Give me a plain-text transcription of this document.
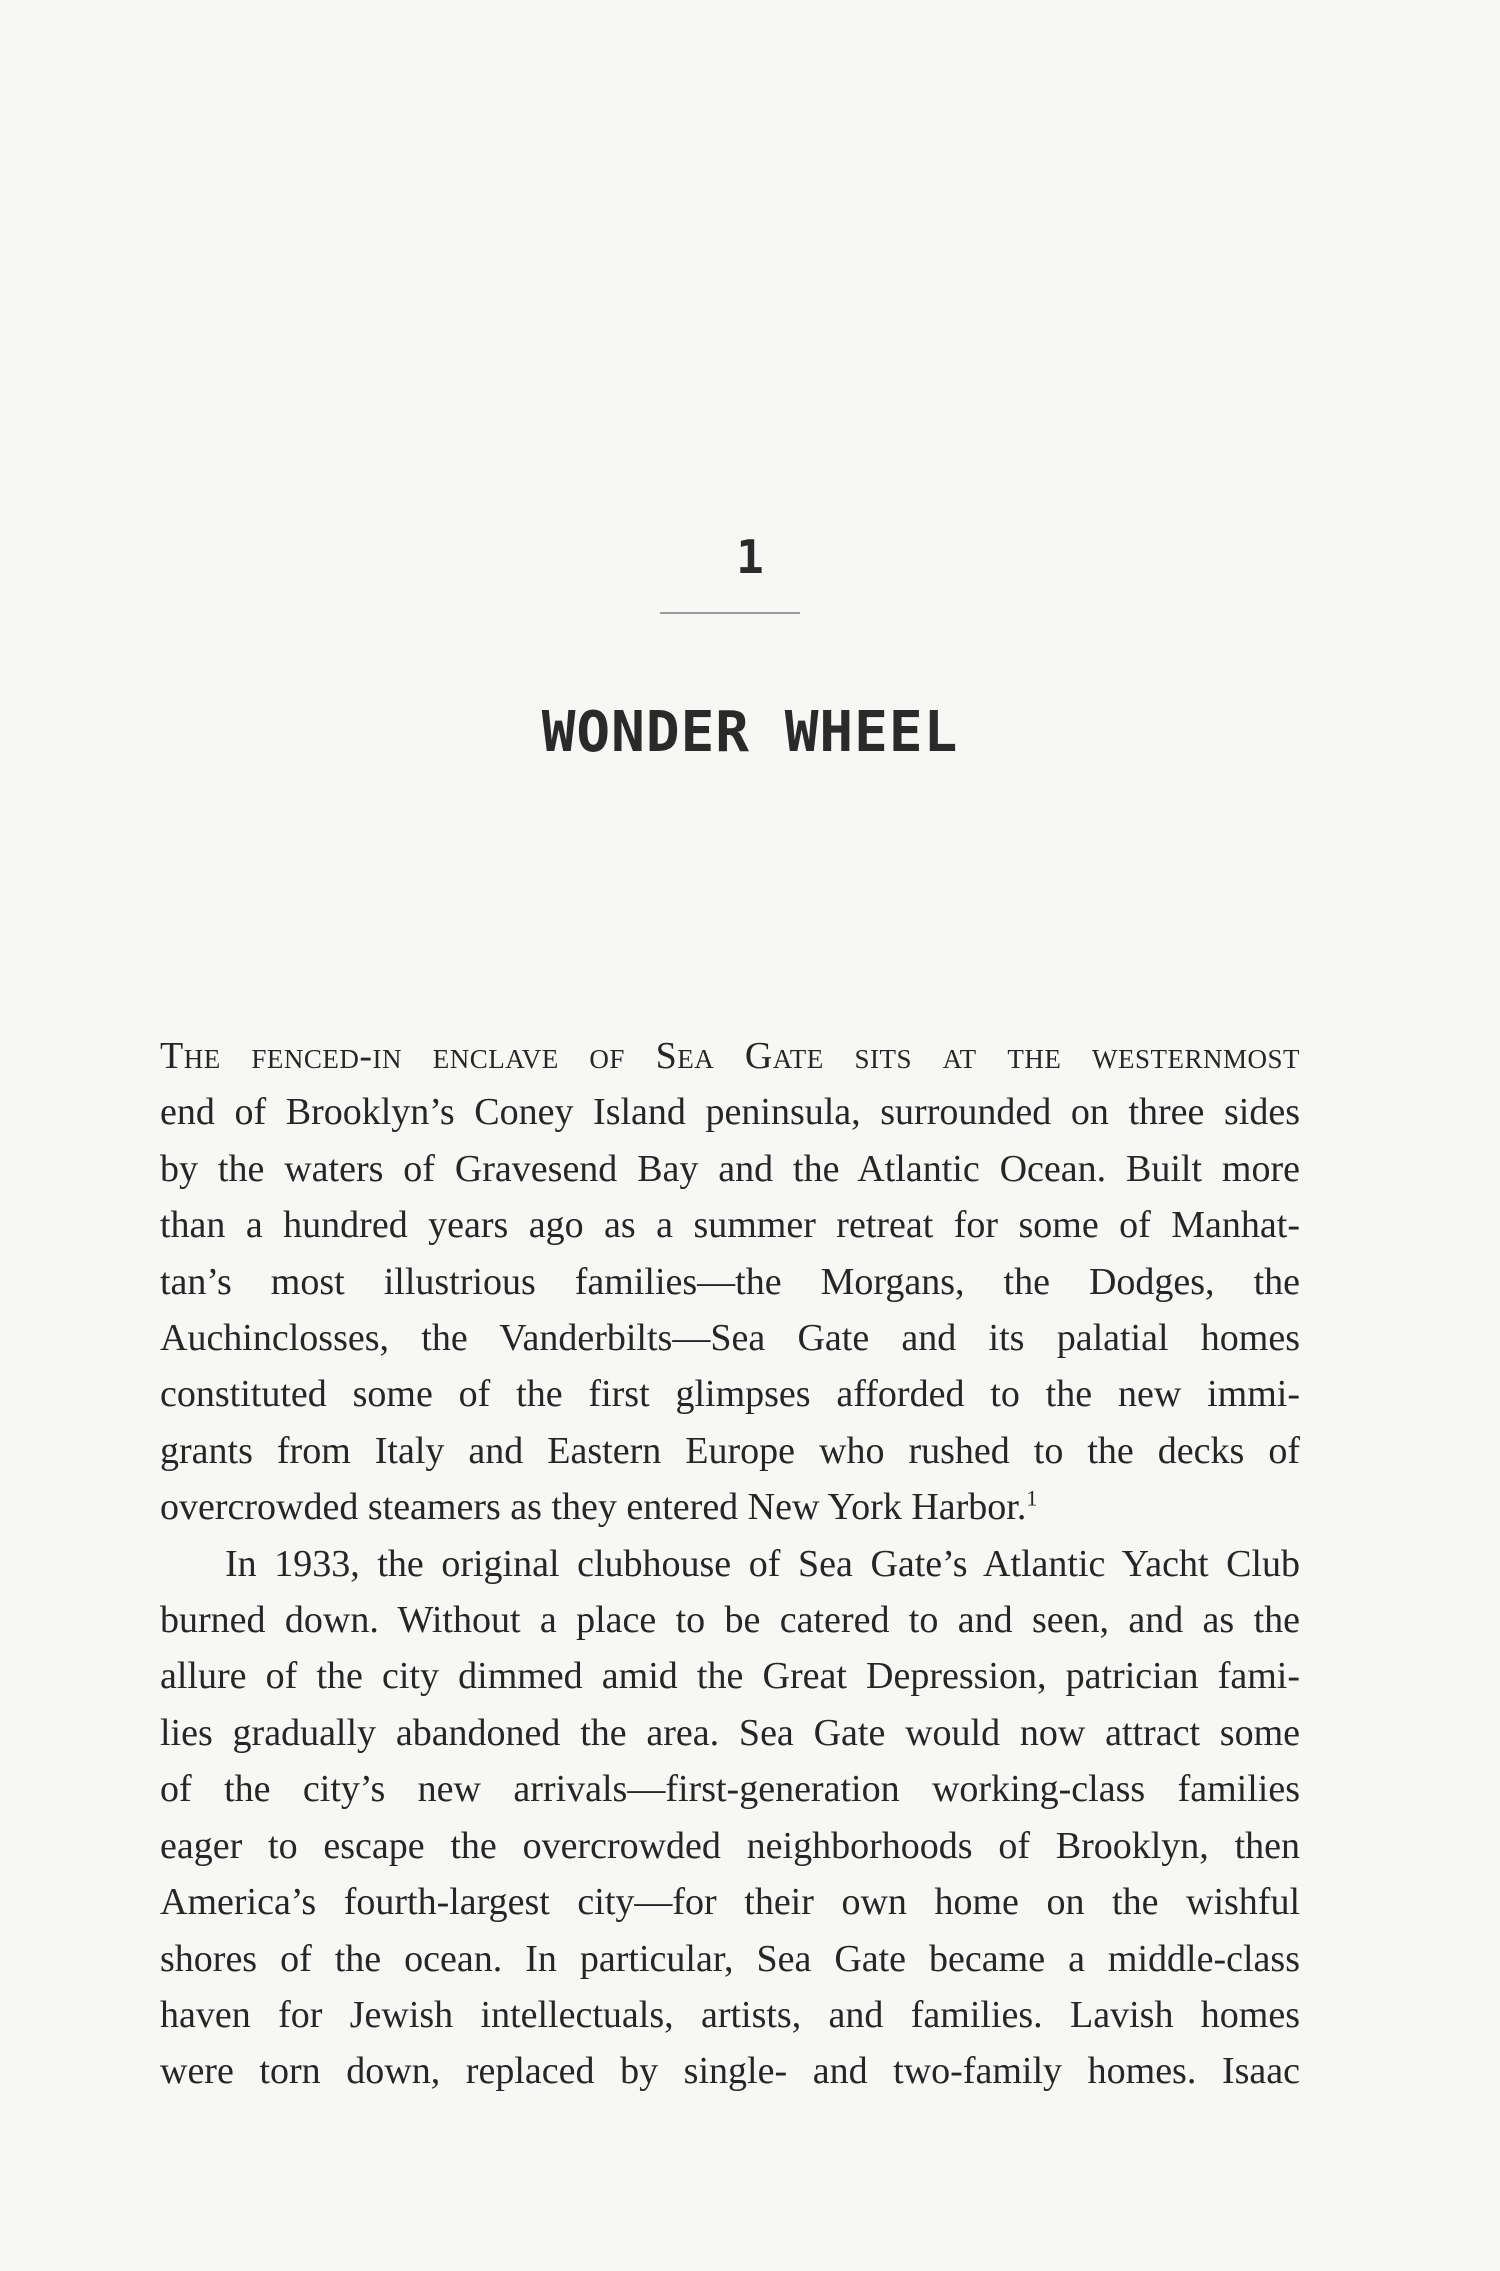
1
WONDER WHEEL
The fenced-in enclave of Sea Gate sits at the westernmost
end of Brooklyn’s Coney Island peninsula, surrounded on three sides
by the waters of Gravesend Bay and the Atlantic Ocean. Built more
than a hundred years ago as a summer retreat for some of Manhat-
tan’s most illustrious families—the Morgans, the Dodges, the
Auchinclosses, the Vanderbilts—Sea Gate and its palatial homes
constituted some of the first glimpses afforded to the new immi-
grants from Italy and Eastern Europe who rushed to the decks of
overcrowded steamers as they entered New York Harbor.$^1$
In 1933, the original clubhouse of Sea Gate’s Atlantic Yacht Club
burned down. Without a place to be catered to and seen, and as the
allure of the city dimmed amid the Great Depression, patrician fami-
lies gradually abandoned the area. Sea Gate would now attract some
of the city’s new arrivals—first-generation working-class families
eager to escape the overcrowded neighborhoods of Brooklyn, then
America’s fourth-largest city—for their own home on the wishful
shores of the ocean. In particular, Sea Gate became a middle-class
haven for Jewish intellectuals, artists, and families. Lavish homes
were torn down, replaced by single- and two-family homes. Isaac
